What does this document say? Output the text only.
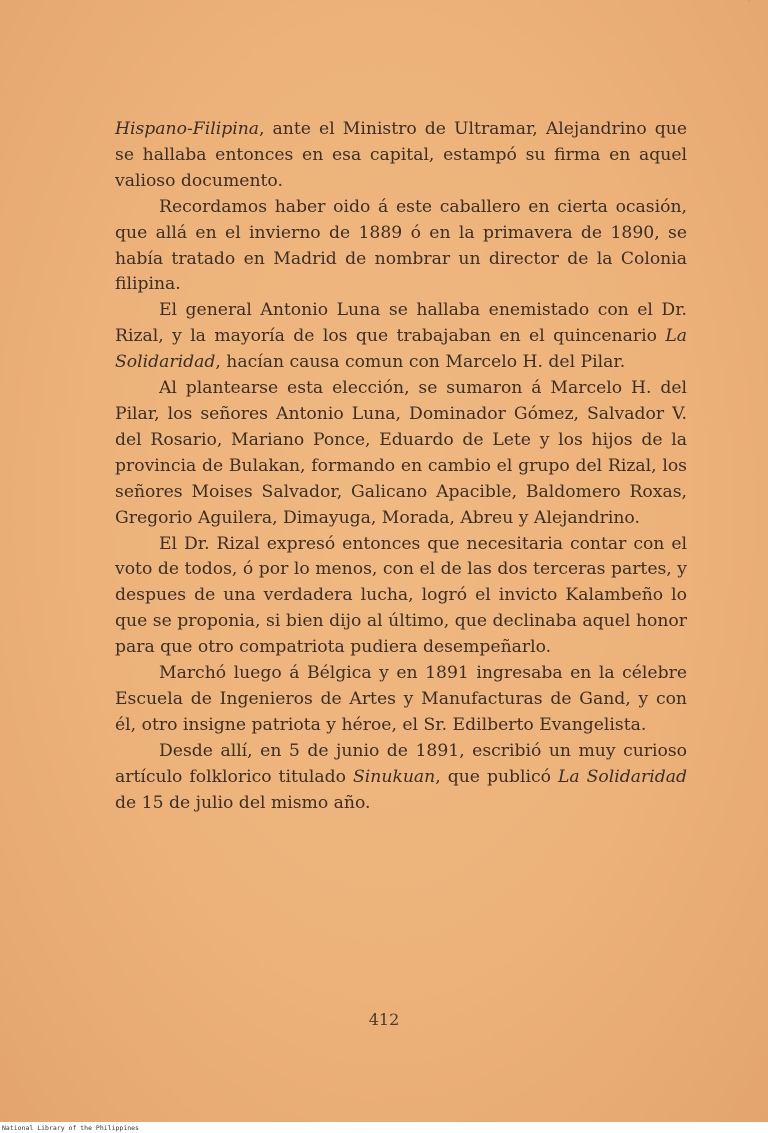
Hispano-Filipina, ante el Ministro de Ultramar, Alejandrino que se hallaba entonces en esa capital, estampó su firma en aquel valioso documento.

Recordamos haber oido á este caballero en cierta ocasión, que allá en el invierno de 1889 ó en la primavera de 1890, se había tratado en Madrid de nombrar un director de la Colonia filipina.

El general Antonio Luna se hallaba enemistado con el Dr. Rizal, y la mayoría de los que trabajaban en el quincenario La Solidaridad, hacían causa comun con Marcelo H. del Pilar.

Al plantearse esta elección, se sumaron á Marcelo H. del Pilar, los señores Antonio Luna, Dominador Gómez, Salvador V. del Rosario, Mariano Ponce, Eduardo de Lete y los hijos de la provincia de Bulakan, formando en cambio el grupo del Rizal, los señores Moises Salvador, Galicano Apacible, Baldomero Roxas, Gregorio Aguilera, Dimayuga, Morada, Abreu y Alejandrino.

El Dr. Rizal expresó entonces que necesitaria contar con el voto de todos, ó por lo menos, con el de las dos terceras partes, y despues de una verdadera lucha, logró el invicto Kalambeño lo que se proponia, si bien dijo al último, que declinaba aquel honor para que otro compatriota pudiera desempeñarlo.

Marchó luego á Bélgica y en 1891 ingresaba en la célebre Escuela de Ingenieros de Artes y Manufacturas de Gand, y con él, otro insigne patriota y héroe, el Sr. Edilberto Evangelista.

Desde allí, en 5 de junio de 1891, escribió un muy curioso artículo folklorico titulado Sinukuan, que publicó La Solidaridad de 15 de julio del mismo año.

412
National Library of the Philippines
